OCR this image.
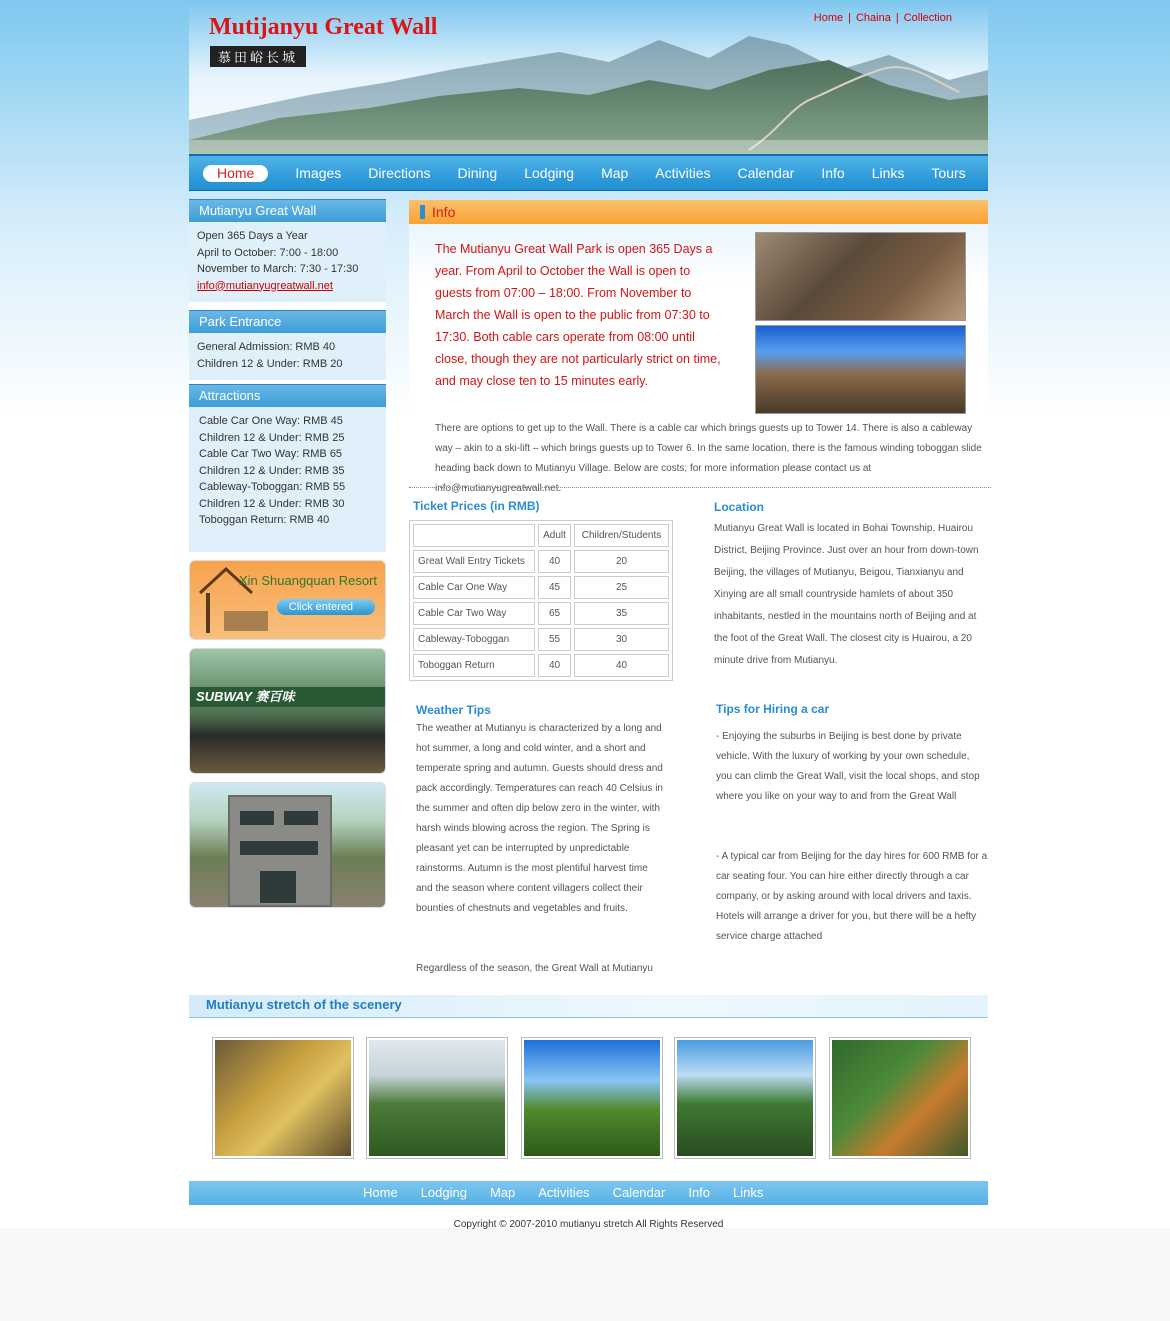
Mutijanyu Great Wall
慕田峪长城
Home | Chaina | Collection
Home	Images Directions Dining Lodging Map Activities Calendar Info Links Tours
Mutianyu Great Wall
Open 365 Days a Year
April to October: 7:00 - 18:00
November to March: 7:30 - 17:30
info@mutianyugreatwall.net
Park Entrance
General Admission: RMB 40
Children 12 & Under: RMB 20
Attractions
Cable Car One Way: RMB 45
Children 12 & Under: RMB 25
Cable Car Two Way: RMB 65
Children 12 & Under: RMB 35
Cableway-Toboggan: RMB 55
Children 12 & Under: RMB 30
Toboggan Return: RMB 40
Xin Shuangquan Resort
Click entered
SUBWAY 赛百味
Info
The Mutianyu Great Wall Park is open 365 Days a year. From April to October the Wall is open to guests from 07:00 – 18:00. From November to March the Wall is open to the public from 07:30 to 17:30. Both cable cars operate from 08:00 until close, though they are not particularly strict on time, and may close ten to 15 minutes early.
There are options to get up to the Wall. There is a cable car which brings guests up to Tower 14. There is also a cableway way – akin to a ski-lift – which brings guests up to Tower 6. In the same location, there is the famous winding toboggan slide heading back down to Mutianyu Village. Below are costs; for more information please contact us at info@mutianyugreatwall.net.
Ticket Prices (in RMB)
	Adult	Children/Students
Great Wall Entry Tickets	40	20
Cable Car One Way	45	25
Cable Car Two Way	65	35
Cableway-Toboggan	55	30
Toboggan Return	40	40
Location
Mutianyu Great Wall is located in Bohai Township, Huairou District, Beijing Province. Just over an hour from down-town Beijing, the villages of Mutianyu, Beigou, Tianxianyu and Xinying are all small countryside hamlets of about 350 inhabitants, nestled in the mountains north of Beijing and at the foot of the Great Wall. The closest city is Huairou, a 20 minute drive from Mutianyu.
Weather Tips
The weather at Mutianyu is characterized by a long and hot summer, a long and cold winter, and a short and temperate spring and autumn. Guests should dress and pack accordingly. Temperatures can reach 40 Celsius in the summer and often dip below zero in the winter, with harsh winds blowing across the region. The Spring is pleasant yet can be interrupted by unpredictable rainstorms. Autumn is the most plentiful harvest time and the season where content villagers collect their bounties of chestnuts and vegetables and fruits.
Regardless of the season, the Great Wall at Mutianyu
Tips for Hiring a car
- Enjoying the suburbs in Beijing is best done by private vehicle. With the luxury of working by your own schedule, you can climb the Great Wall, visit the local shops, and stop where you like on your way to and from the Great Wall
- A typical car from Beijing for the day hires for 600 RMB for a car seating four. You can hire either directly through a car company, or by asking around with local drivers and taxis. Hotels will arrange a driver for you, but there will be a hefty service charge attached
Mutianyu stretch of the scenery
Home Lodging Map Activities Calendar Info Links
Copyright © 2007-2010 mutianyu stretch All Rights Reserved
